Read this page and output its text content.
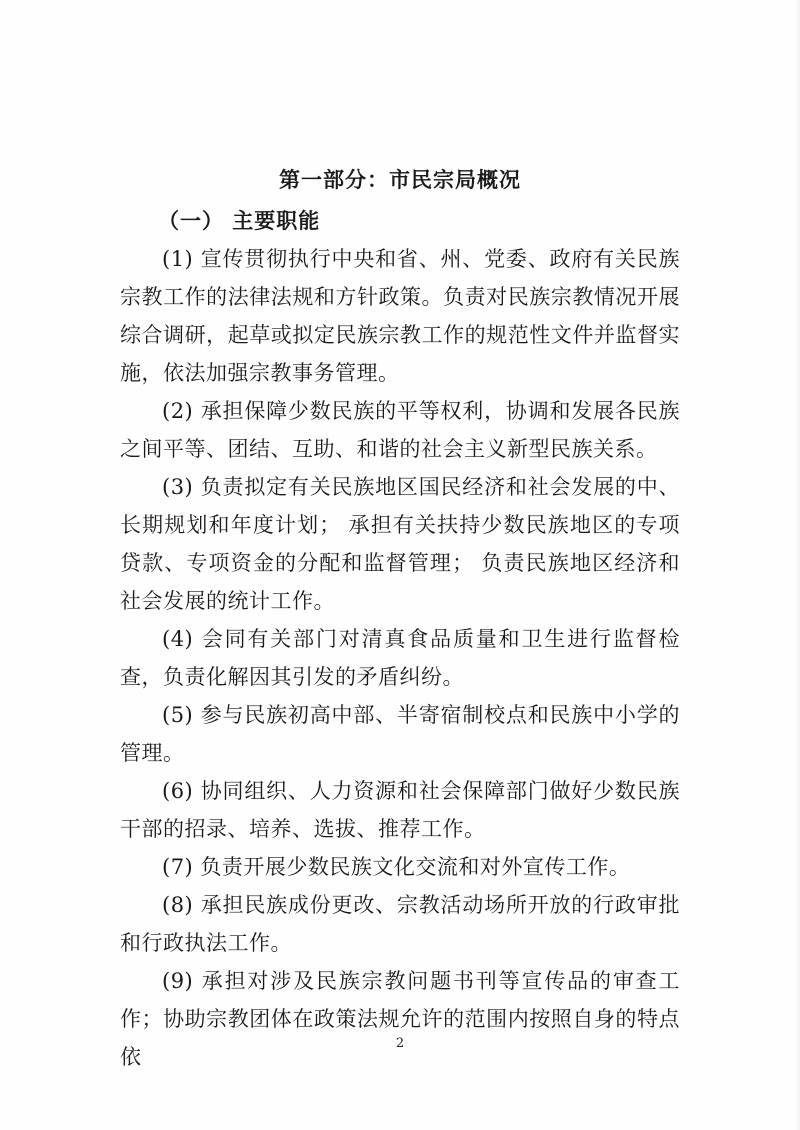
第一部分：市民宗局概况
（一） 主要职能

(1) 宣传贯彻执行中央和省、州、党委、政府有关民族宗教工作的法律法规和方针政策。负责对民族宗教情况开展综合调研，起草或拟定民族宗教工作的规范性文件并监督实施，依法加强宗教事务管理。

(2) 承担保障少数民族的平等权利，协调和发展各民族之间平等、团结、互助、和谐的社会主义新型民族关系。

(3) 负责拟定有关民族地区国民经济和社会发展的中、长期规划和年度计划； 承担有关扶持少数民族地区的专项贷款、专项资金的分配和监督管理； 负责民族地区经济和社会发展的统计工作。

(4) 会同有关部门对清真食品质量和卫生进行监督检查，负责化解因其引发的矛盾纠纷。

(5) 参与民族初高中部、半寄宿制校点和民族中小学的管理。

(6) 协同组织、人力资源和社会保障部门做好少数民族干部的招录、培养、选拔、推荐工作。

(7) 负责开展少数民族文化交流和对外宣传工作。

(8) 承担民族成份更改、宗教活动场所开放的行政审批和行政执法工作。

(9) 承担对涉及民族宗教问题书刊等宣传品的审查工作；协助宗教团体在政策法规允许的范围内按照自身的特点依

2
